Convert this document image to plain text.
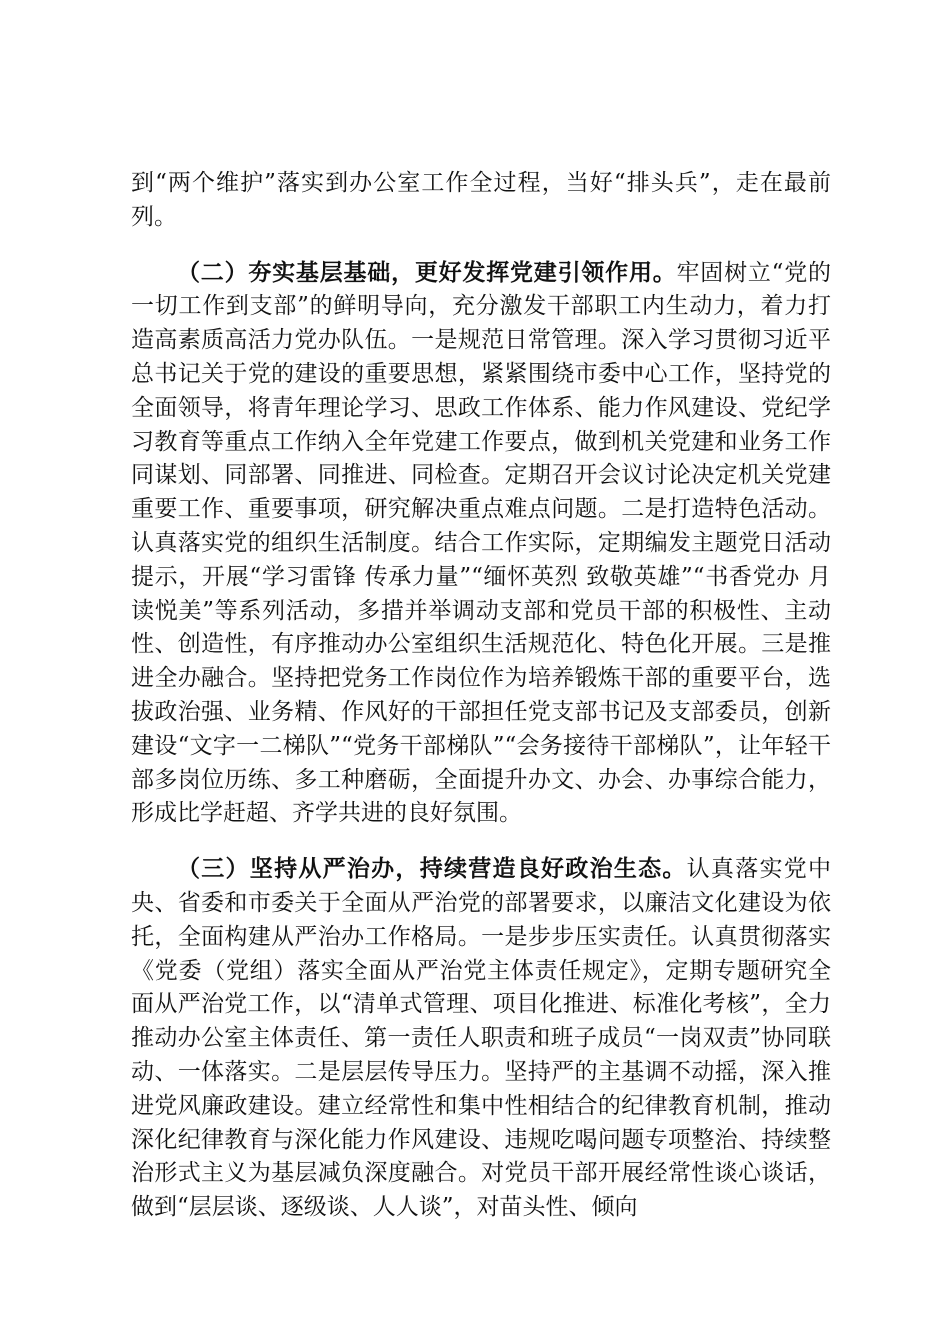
到“两个维护”落实到办公室工作全过程，当好“排头兵”，走在最前列。

（二）夯实基层基础，更好发挥党建引领作用。牢固树立“党的一切工作到支部”的鲜明导向，充分激发干部职工内生动力，着力打造高素质高活力党办队伍。一是规范日常管理。深入学习贯彻习近平总书记关于党的建设的重要思想，紧紧围绕市委中心工作，坚持党的全面领导，将青年理论学习、思政工作体系、能力作风建设、党纪学习教育等重点工作纳入全年党建工作要点，做到机关党建和业务工作同谋划、同部署、同推进、同检查。定期召开会议讨论决定机关党建重要工作、重要事项，研究解决重点难点问题。二是打造特色活动。认真落实党的组织生活制度。结合工作实际，定期编发主题党日活动提示，开展“学习雷锋 传承力量”“缅怀英烈 致敬英雄”“书香党办 月读悦美”等系列活动，多措并举调动支部和党员干部的积极性、主动性、创造性，有序推动办公室组织生活规范化、特色化开展。三是推进全办融合。坚持把党务工作岗位作为培养锻炼干部的重要平台，选拔政治强、业务精、作风好的干部担任党支部书记及支部委员，创新建设“文字一二梯队”“党务干部梯队”“会务接待干部梯队”，让年轻干部多岗位历练、多工种磨砺，全面提升办文、办会、办事综合能力，形成比学赶超、齐学共进的良好氛围。

（三）坚持从严治办，持续营造良好政治生态。认真落实党中央、省委和市委关于全面从严治党的部署要求，以廉洁文化建设为依托，全面构建从严治办工作格局。一是步步压实责任。认真贯彻落实《党委（党组）落实全面从严治党主体责任规定》，定期专题研究全面从严治党工作，以“清单式管理、项目化推进、标准化考核”，全力推动办公室主体责任、第一责任人职责和班子成员“一岗双责”协同联动、一体落实。二是层层传导压力。坚持严的主基调不动摇，深入推进党风廉政建设。建立经常性和集中性相结合的纪律教育机制，推动深化纪律教育与深化能力作风建设、违规吃喝问题专项整治、持续整治形式主义为基层减负深度融合。对党员干部开展经常性谈心谈话，做到“层层谈、逐级谈、人人谈”，对苗头性、倾向
